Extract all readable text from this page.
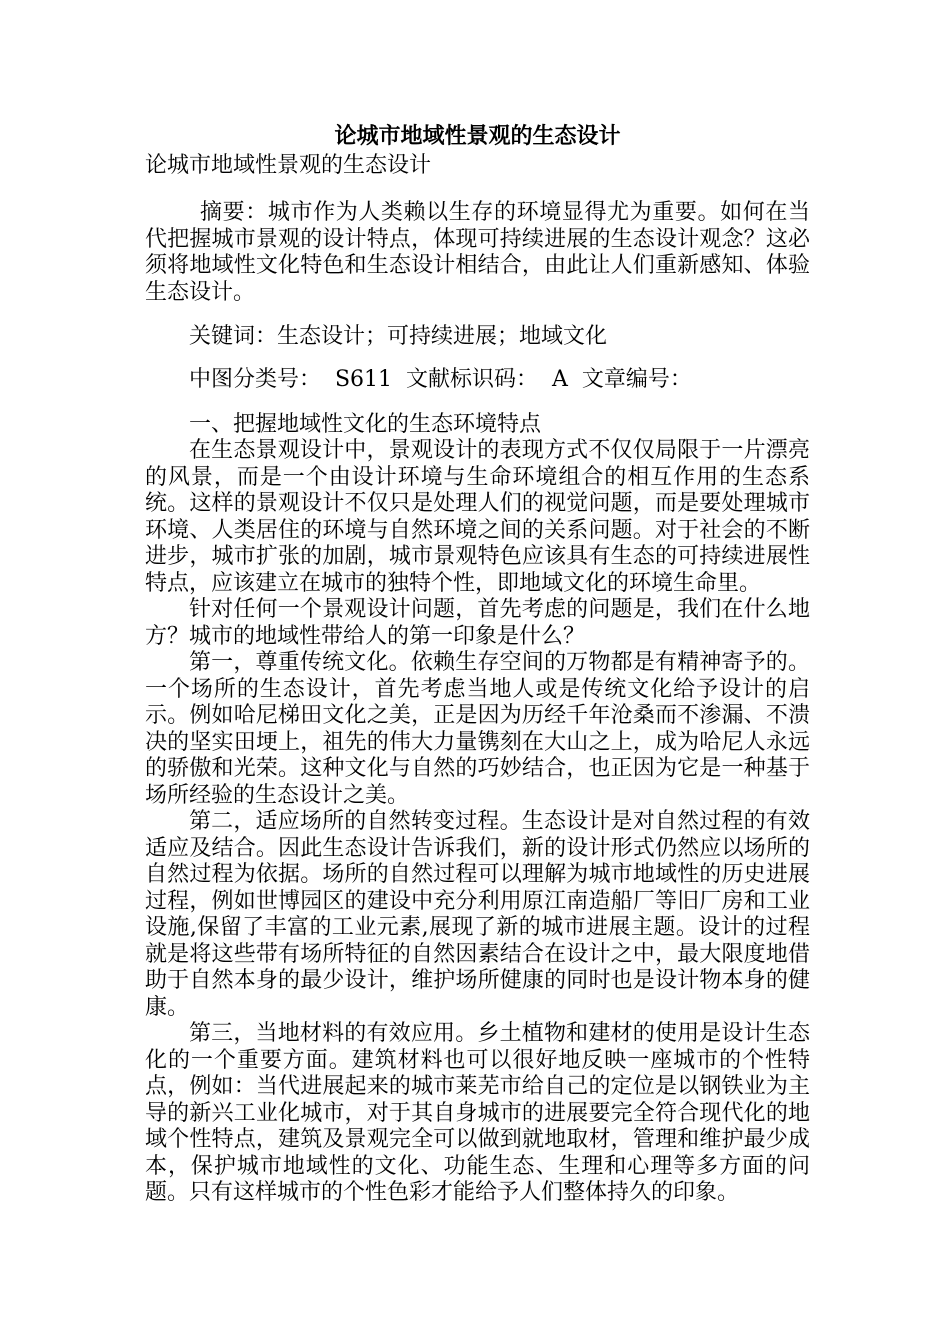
论城市地域性景观的生态设计

论城市地域性景观的生态设计

摘要：城市作为人类赖以生存的环境显得尤为重要。如何在当代把握城市景观的设计特点，体现可持续进展的生态设计观念？这必须将地域性文化特色和生态设计相结合，由此让人们重新感知、体验生态设计。

关键词：生态设计；可持续进展；地域文化

中图分类号：  S611  文献标识码：  A  文章编号：

一、把握地域性文化的生态环境特点

在生态景观设计中，景观设计的表现方式不仅仅局限于一片漂亮的风景，而是一个由设计环境与生命环境组合的相互作用的生态系统。这样的景观设计不仅只是处理人们的视觉问题，而是要处理城市环境、人类居住的环境与自然环境之间的关系问题。对于社会的不断进步，城市扩张的加剧，城市景观特色应该具有生态的可持续进展性特点，应该建立在城市的独特个性，即地域文化的环境生命里。

针对任何一个景观设计问题，首先考虑的问题是，我们在什么地方？城市的地域性带给人的第一印象是什么？

第一，尊重传统文化。依赖生存空间的万物都是有精神寄予的。一个场所的生态设计，首先考虑当地人或是传统文化给予设计的启示。例如哈尼梯田文化之美，正是因为历经千年沧桑而不渗漏、不溃决的坚实田埂上，祖先的伟大力量镌刻在大山之上，成为哈尼人永远的骄傲和光荣。这种文化与自然的巧妙结合，也正因为它是一种基于场所经验的生态设计之美。

第二，适应场所的自然转变过程。生态设计是对自然过程的有效适应及结合。因此生态设计告诉我们，新的设计形式仍然应以场所的自然过程为依据。场所的自然过程可以理解为城市地域性的历史进展过程，例如世博园区的建设中充分利用原江南造船厂等旧厂房和工业设施,保留了丰富的工业元素,展现了新的城市进展主题。设计的过程就是将这些带有场所特征的自然因素结合在设计之中，最大限度地借助于自然本身的最少设计，维护场所健康的同时也是设计物本身的健康。

第三，当地材料的有效应用。乡土植物和建材的使用是设计生态化的一个重要方面。建筑材料也可以很好地反映一座城市的个性特点，例如：当代进展起来的城市莱芜市给自己的定位是以钢铁业为主导的新兴工业化城市，对于其自身城市的进展要完全符合现代化的地域个性特点，建筑及景观完全可以做到就地取材，管理和维护最少成本，保护城市地域性的文化、功能生态、生理和心理等多方面的问题。只有这样城市的个性色彩才能给予人们整体持久的印象。
